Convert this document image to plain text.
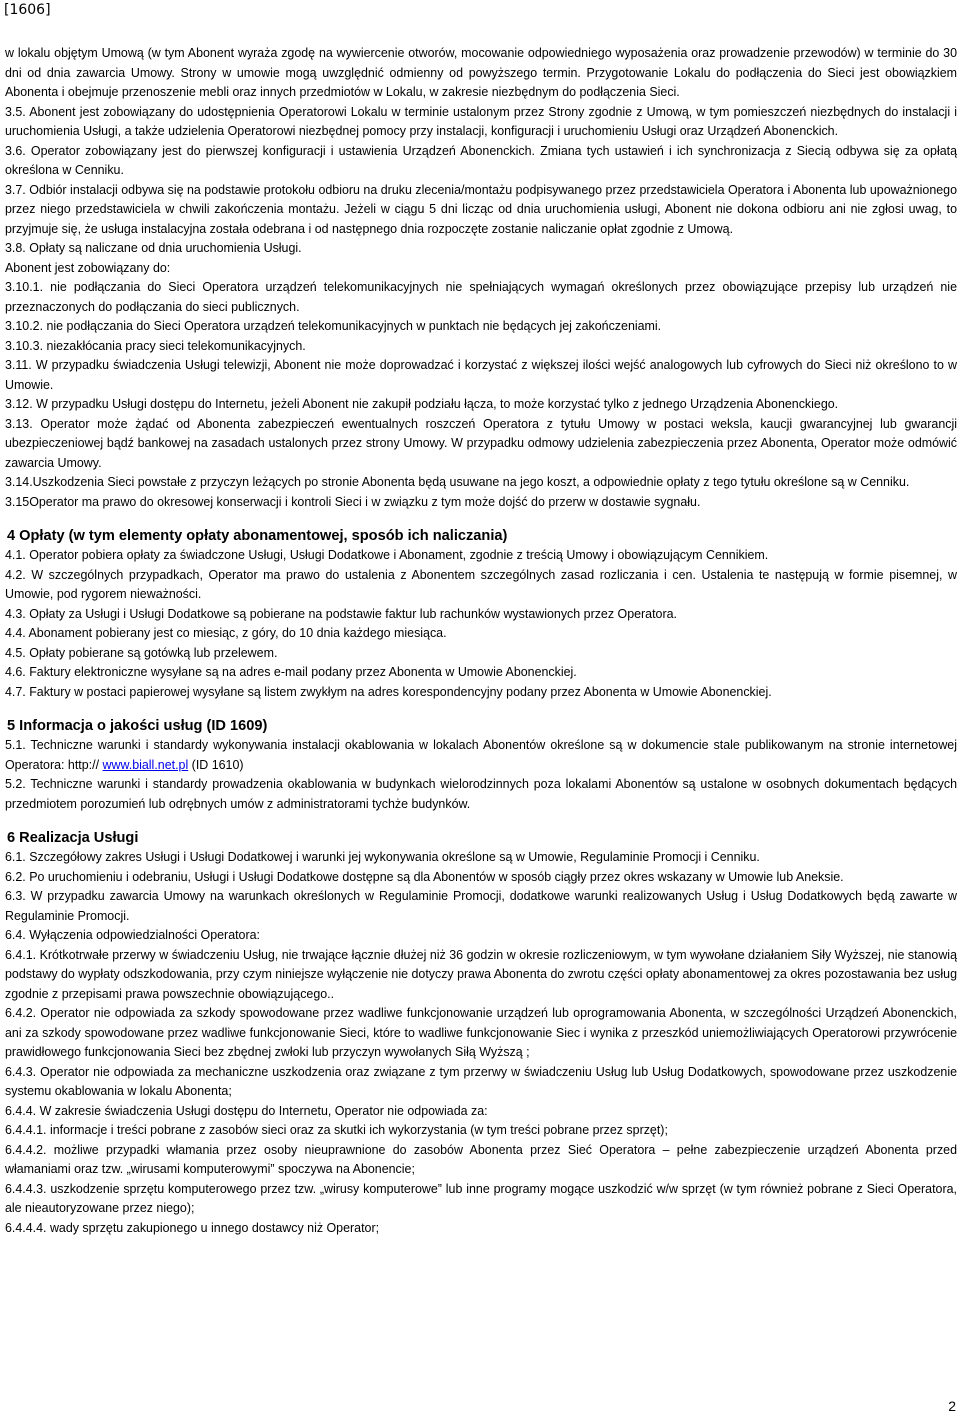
[1606]

w lokalu objętym Umową (w tym Abonent wyraża zgodę na wywiercenie otworów, mocowanie odpowiedniego wyposażenia oraz prowadzenie przewodów) w terminie do 30 dni od dnia zawarcia Umowy. Strony w umowie mogą uwzględnić odmienny od powyższego termin. Przygotowanie Lokalu do podłączenia do Sieci jest obowiązkiem Abonenta i obejmuje przenoszenie mebli oraz innych przedmiotów w Lokalu, w zakresie niezbędnym do podłączenia Sieci.

3.5. Abonent jest zobowiązany do udostępnienia Operatorowi Lokalu w terminie ustalonym przez Strony zgodnie z Umową, w tym pomieszczeń niezbędnych do instalacji i uruchomienia Usługi, a także udzielenia Operatorowi niezbędnej pomocy przy instalacji, konfiguracji i uruchomieniu Usługi oraz Urządzeń Abonenckich.

3.6. Operator zobowiązany jest do pierwszej konfiguracji i ustawienia Urządzeń Abonenckich. Zmiana tych ustawień i ich synchronizacja z Siecią odbywa się za opłatą określona w Cenniku.

3.7. Odbiór instalacji odbywa się na podstawie protokołu odbioru na druku zlecenia/montażu podpisywanego przez przedstawiciela Operatora i Abonenta lub upoważnionego przez niego przedstawiciela w chwili zakończenia montażu. Jeżeli w ciągu 5 dni licząc od dnia uruchomienia usługi, Abonent nie dokona odbioru ani nie zgłosi uwag, to przyjmuje się, że usługa instalacyjna została odebrana i od następnego dnia rozpoczęte zostanie naliczanie opłat zgodnie z Umową.

3.8. Opłaty są naliczane od dnia uruchomienia Usługi.

Abonent jest zobowiązany do:

3.10.1. nie podłączania do Sieci Operatora urządzeń telekomunikacyjnych nie spełniających wymagań określonych przez obowiązujące przepisy lub urządzeń nie przeznaczonych do podłączania do sieci publicznych.

3.10.2. nie podłączania do Sieci Operatora urządzeń telekomunikacyjnych w punktach nie będących jej zakończeniami.

3.10.3. niezakłócania pracy sieci telekomunikacyjnych.

3.11. W przypadku świadczenia Usługi telewizji, Abonent nie może doprowadzać i korzystać z większej ilości wejść analogowych lub cyfrowych do Sieci niż określono to w Umowie.

3.12. W przypadku Usługi dostępu do Internetu, jeżeli Abonent nie zakupił podziału łącza, to może korzystać tylko z jednego Urządzenia Abonenckiego.

3.13. Operator może żądać od Abonenta zabezpieczeń ewentualnych roszczeń Operatora z tytułu Umowy w postaci weksla, kaucji gwarancyjnej lub gwarancji ubezpieczeniowej bądź bankowej na zasadach ustalonych przez strony Umowy. W przypadku odmowy udzielenia zabezpieczenia przez Abonenta, Operator może odmówić zawarcia Umowy.

3.14.Uszkodzenia Sieci powstałe z przyczyn leżących po stronie Abonenta będą usuwane na jego koszt, a odpowiednie opłaty z tego tytułu określone są w Cenniku.

3.15Operator ma prawo do okresowej konserwacji i kontroli Sieci i w związku z tym może dojść do przerw w dostawie sygnału.

4 Opłaty (w tym elementy opłaty abonamentowej, sposób ich naliczania)

4.1. Operator pobiera opłaty za świadczone Usługi, Usługi Dodatkowe i Abonament, zgodnie z treścią Umowy i obowiązującym Cennikiem.

4.2. W szczególnych przypadkach, Operator ma prawo do ustalenia z Abonentem szczególnych zasad rozliczania i cen. Ustalenia te następują w formie pisemnej, w Umowie, pod rygorem nieważności.

4.3. Opłaty za Usługi i Usługi Dodatkowe są pobierane na podstawie faktur lub rachunków wystawionych przez Operatora.

4.4. Abonament pobierany jest co miesiąc, z góry, do 10 dnia każdego miesiąca.

4.5. Opłaty pobierane są gotówką lub przelewem.

4.6. Faktury elektroniczne wysyłane są na adres e-mail podany przez Abonenta w Umowie Abonenckiej.

4.7. Faktury w postaci papierowej wysyłane są listem zwykłym na adres korespondencyjny podany przez Abonenta w Umowie Abonenckiej.

5 Informacja o jakości usług (ID 1609)

5.1. Techniczne warunki i standardy wykonywania instalacji okablowania w lokalach Abonentów określone są w dokumencie stale publikowanym na stronie internetowej Operatora: http:// www.biall.net.pl (ID 1610)

5.2. Techniczne warunki i standardy prowadzenia okablowania w budynkach wielorodzinnych poza lokalami Abonentów są ustalone w osobnych dokumentach będących przedmiotem porozumień lub odrębnych umów z administratorami tychże budynków.

6 Realizacja Usługi

6.1. Szczegółowy zakres Usługi i Usługi Dodatkowej i warunki jej wykonywania określone są w Umowie, Regulaminie Promocji i Cenniku.

6.2. Po uruchomieniu i odebraniu, Usługi i Usługi Dodatkowe dostępne są dla Abonentów w sposób ciągły przez okres wskazany w Umowie lub Aneksie.

6.3. W przypadku zawarcia Umowy na warunkach określonych w Regulaminie Promocji, dodatkowe warunki realizowanych Usług i Usług Dodatkowych będą zawarte w Regulaminie Promocji.

6.4. Wyłączenia odpowiedzialności Operatora:

6.4.1. Krótkotrwałe przerwy w świadczeniu Usług, nie trwające łącznie dłużej niż 36 godzin w okresie rozliczeniowym, w tym wywołane działaniem Siły Wyższej, nie stanowią podstawy do wypłaty odszkodowania, przy czym niniejsze wyłączenie nie dotyczy prawa Abonenta do zwrotu części opłaty abonamentowej za okres pozostawania bez usług zgodnie z przepisami prawa powszechnie obowiązującego..

6.4.2. Operator nie odpowiada za szkody spowodowane przez wadliwe funkcjonowanie urządzeń lub oprogramowania Abonenta, w szczególności Urządzeń Abonenckich, ani za szkody spowodowane przez wadliwe funkcjonowanie Sieci, które to wadliwe funkcjonowanie Siec i wynika z przeszkód uniemożliwiających Operatorowi przywrócenie prawidłowego funkcjonowania Sieci bez zbędnej zwłoki lub przyczyn wywołanych Siłą Wyższą ;

6.4.3. Operator nie odpowiada za mechaniczne uszkodzenia oraz związane z tym przerwy w świadczeniu Usług lub Usług Dodatkowych, spowodowane przez uszkodzenie systemu okablowania w lokalu Abonenta;

6.4.4. W zakresie świadczenia Usługi dostępu do Internetu, Operator nie odpowiada za:

6.4.4.1. informacje i treści pobrane z zasobów sieci oraz za skutki ich wykorzystania (w tym treści pobrane przez sprzęt);

6.4.4.2. możliwe przypadki włamania przez osoby nieuprawnione do zasobów Abonenta przez Sieć Operatora – pełne zabezpieczenie urządzeń Abonenta przed włamaniami oraz tzw. „wirusami komputerowymi” spoczywa na Abonencie;

6.4.4.3. uszkodzenie sprzętu komputerowego przez tzw. „wirusy komputerowe” lub inne programy mogące uszkodzić w/w sprzęt (w tym również pobrane z Sieci Operatora, ale nieautoryzowane przez niego);

6.4.4.4. wady sprzętu zakupionego u innego dostawcy niż Operator;

2
